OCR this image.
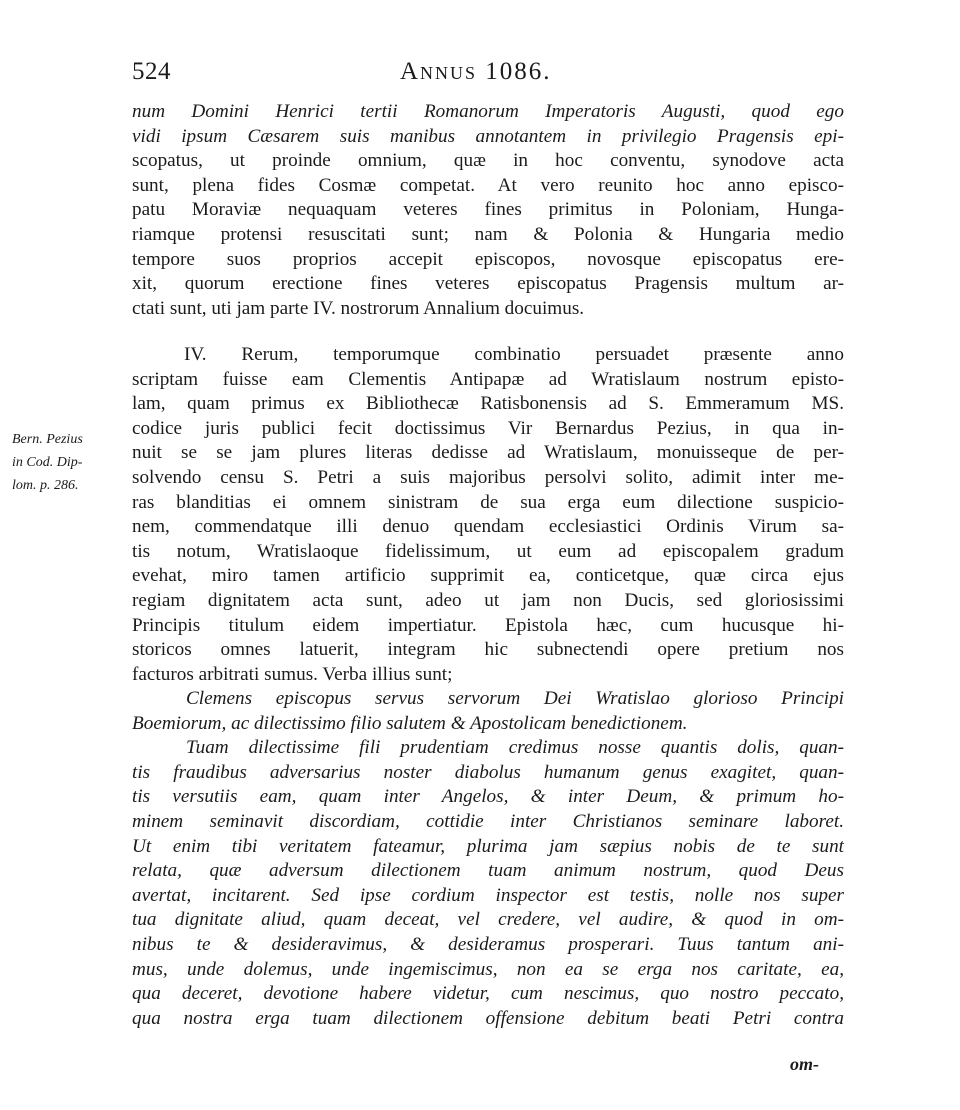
524	Annus 1086.
num Domini Henrici tertii Romanorum Imperatoris Augusti, quod ego
vidi ipsum Cæsarem suis manibus annotantem in privilegio Pragensis epi-
scopatus, ut proinde omnium, quæ in hoc conventu, synodove acta
sunt, plena fides Cosmæ competat. At vero reunito hoc anno episco-
patu Moraviæ nequaquam veteres fines primitus in Poloniam, Hunga-
riamque protensi resuscitati sunt; nam & Polonia & Hungaria medio
tempore suos proprios accepit episcopos, novosque episcopatus ere-
xit, quorum erectione fines veteres episcopatus Pragensis multum ar-
ctati sunt, uti jam parte IV. nostrorum Annalium docuimus.
Bern. Pezius
in Cod. Dip-
lom. p. 286.
IV. Rerum, temporumque combinatio persuadet præsente anno
scriptam fuisse eam Clementis Antipapæ ad Wratislaum nostrum episto-
lam, quam primus ex Bibliothecæ Ratisbonensis ad S. Emmeramum MS.
codice juris publici fecit doctissimus Vir Bernardus Pezius, in qua in-
nuit se se jam plures literas dedisse ad Wratislaum, monuisseque de per-
solvendo censu S. Petri a suis majoribus persolvi solito, adimit inter me-
ras blanditias ei omnem sinistram de sua erga eum dilectione suspicio-
nem, commendatque illi denuo quendam ecclesiastici Ordinis Virum sa-
tis notum, Wratislaoque fidelissimum, ut eum ad episcopalem gradum
evehat, miro tamen artificio supprimit ea, conticetque, quæ circa ejus
regiam dignitatem acta sunt, adeo ut jam non Ducis, sed gloriosissimi
Principis titulum eidem impertiatur. Epistola hæc, cum hucusque hi-
storicos omnes latuerit, integram hic subnectendi opere pretium nos
facturos arbitrati sumus. Verba illius sunt;
Clemens episcopus servus servorum Dei Wratislao glorioso Principi
Boemiorum, ac dilectissimo filio salutem & Apostolicam benedictionem.
Tuam dilectissime fili prudentiam credimus nosse quantis dolis, quan-
tis fraudibus adversarius noster diabolus humanum genus exagitet, quan-
tis versutiis eam, quam inter Angelos, & inter Deum, & primum ho-
minem seminavit discordiam, cottidie inter Christianos seminare laboret.
Ut enim tibi veritatem fateamur, plurima jam sæpius nobis de te sunt
relata, quæ adversum dilectionem tuam animum nostrum, quod Deus
avertat, incitarent. Sed ipse cordium inspector est testis, nolle nos super
tua dignitate aliud, quam deceat, vel credere, vel audire, & quod in om-
nibus te & desideravimus, & desideramus prosperari. Tuus tantum ani-
mus, unde dolemus, unde ingemiscimus, non ea se erga nos caritate, ea,
qua deceret, devotione habere videtur, cum nescimus, quo nostro peccato,
qua nostra erga tuam dilectionem offensione debitum beati Petri contra
om-
